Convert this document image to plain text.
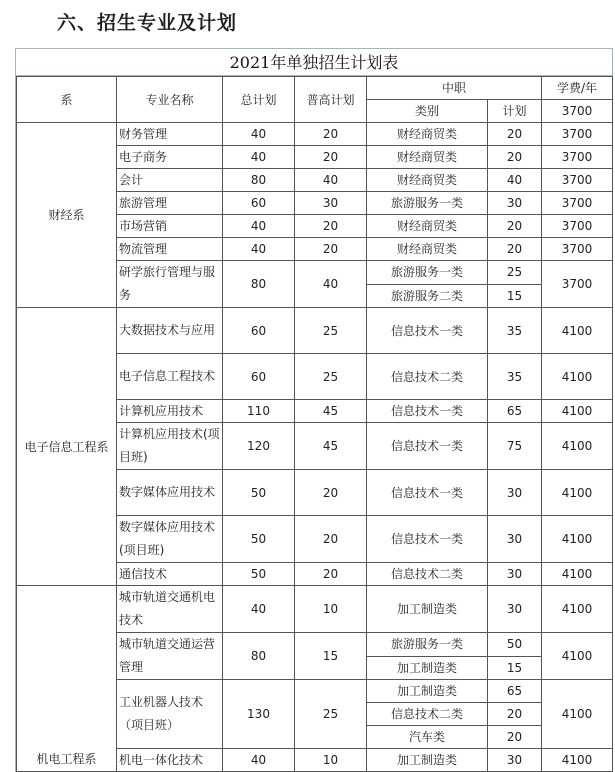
六、招生专业及计划
2021年单独招生计划表
系	专业名称	总计划	普高计划	中职		学费/年
				类别	计划	3700
财经系	财务管理	40	20	财经商贸类	20	3700
	电子商务	40	20	财经商贸类	20	3700
	会计	80	40	财经商贸类	40	3700
	旅游管理	60	30	旅游服务一类	30	3700
	市场营销	40	20	财经商贸类	20	3700
	物流管理	40	20	财经商贸类	20	3700
	研学旅行管理与服务	80	40	旅游服务一类	25	3700
				旅游服务二类	15	
电子信息工程系	大数据技术与应用	60	25	信息技术一类	35	4100
	电子信息工程技术	60	25	信息技术二类	35	4100
	计算机应用技术	110	45	信息技术一类	65	4100
	计算机应用技术(项目班)	120	45	信息技术一类	75	4100
	数字媒体应用技术	50	20	信息技术一类	30	4100
	数字媒体应用技术(项目班)	50	20	信息技术一类	30	4100
	通信技术	50	20	信息技术二类	30	4100
机电工程系	城市轨道交通机电技术	40	10	加工制造类	30	4100
	城市轨道交通运营管理	80	15	旅游服务一类	50	4100
				加工制造类	15	
	工业机器人技术（项目班）	130	25	加工制造类	65	4100
				信息技术二类	20	
				汽车类	20	
	机电一体化技术	40	10	加工制造类	30	4100
